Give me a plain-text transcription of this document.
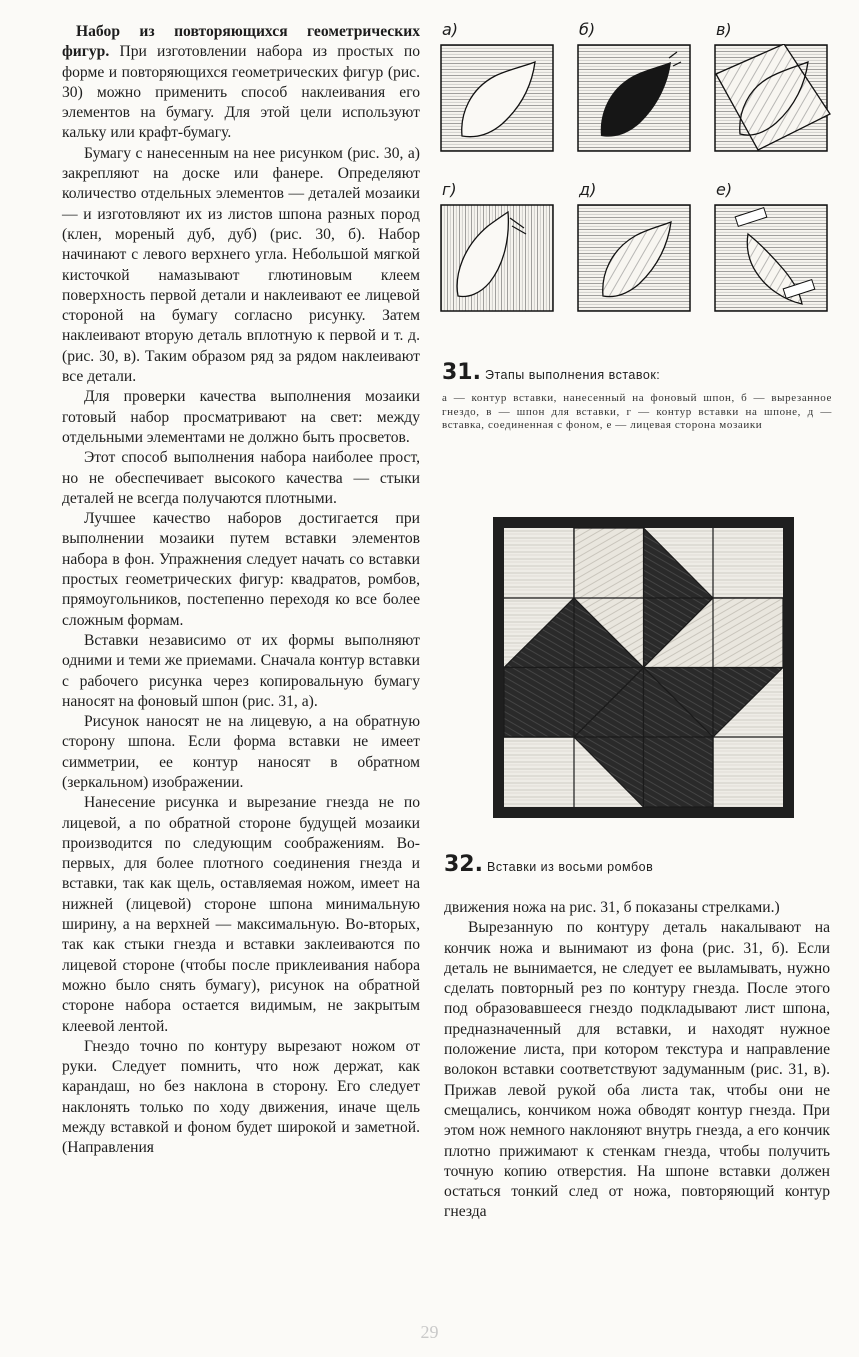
Набор из повторяющихся геометрических фигур. При изготовлении набора из простых по форме и повторяющихся геометрических фигур (рис. 30) можно применить способ наклеивания его элементов на бумагу. Для этой цели используют кальку или крафт-бумагу.

Бумагу с нанесенным на нее рисунком (рис. 30, а) закрепляют на доске или фанере. Определяют количество отдельных элементов — деталей мозаики — и изготовляют их из листов шпона разных пород (клен, мореный дуб, дуб) (рис. 30, б). Набор начинают с левого верхнего угла. Небольшой мягкой кисточкой намазывают глютиновым клеем поверхность первой детали и наклеивают ее лицевой стороной на бумагу согласно рисунку. Затем наклеивают вторую деталь вплотную к первой и т. д. (рис. 30, в). Таким образом ряд за рядом наклеивают все детали.

Для проверки качества выполнения мозаики готовый набор просматривают на свет: между отдельными элементами не должно быть просветов.

Этот способ выполнения набора наиболее прост, но не обеспечивает высокого качества — стыки деталей не всегда получаются плотными.

Лучшее качество наборов достигается при выполнении мозаики путем вставки элементов набора в фон. Упражнения следует начать со вставки простых геометрических фигур: квадратов, ромбов, прямоугольников, постепенно переходя ко все более сложным формам.

Вставки независимо от их формы выполняют одними и теми же приемами. Сначала контур вставки с рабочего рисунка через копировальную бумагу наносят на фоновый шпон (рис. 31, а).

Рисунок наносят не на лицевую, а на обратную сторону шпона. Если форма вставки не имеет симметрии, ее контур наносят в обратном (зеркальном) изображении.

Нанесение рисунка и вырезание гнезда не по лицевой, а по обратной стороне будущей мозаики производится по следующим соображениям. Во-первых, для более плотного соединения гнезда и вставки, так как щель, оставляемая ножом, имеет на нижней (лицевой) стороне шпона минимальную ширину, а на верхней — максимальную. Во-вторых, так как стыки гнезда и вставки заклеиваются по лицевой стороне (чтобы после приклеивания набора можно было снять бумагу), рисунок на обратной стороне набора остается видимым, не закрытым клеевой лентой.

Гнездо точно по контуру вырезают ножом от руки. Следует помнить, что нож держат, как карандаш, но без наклона в сторону. Его следует наклонять только по ходу движения, иначе щель между вставкой и фоном будет широкой и заметной. (Направления

а)	б)	в)
г)	д)	е)
31. Этапы выполнения вставок:
а — контур вставки, нанесенный на фоновый шпон, б — вырезанное гнездо, в — шпон для вставки, г — контур вставки на шпоне, д — вставка, соединенная с фоном, е — лицевая сторона мозаики
32. Вставки из восьми ромбов

движения ножа на рис. 31, б показаны стрелками.)

Вырезанную по контуру деталь накалывают на кончик ножа и вынимают из фона (рис. 31, б). Если деталь не вынимается, не следует ее выламывать, нужно сделать повторный рез по контуру гнезда. После этого под образовавшееся гнездо подкладывают лист шпона, предназначенный для вставки, и находят нужное положение листа, при котором текстура и направление волокон вставки соответствуют задуманным (рис. 31, в). Прижав левой рукой оба листа так, чтобы они не смещались, кончиком ножа обводят контур гнезда. При этом нож немного наклоняют внутрь гнезда, а его кончик плотно прижимают к стенкам гнезда, чтобы получить точную копию отверстия. На шпоне вставки должен остаться тонкий след от ножа, повторяющий контур гнезда

29
